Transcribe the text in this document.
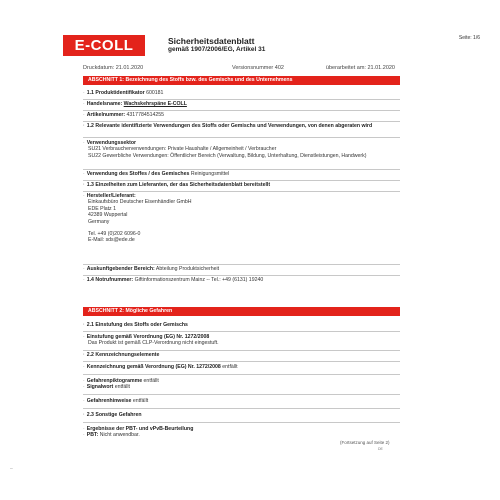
Seite: 1/6
E-COLL	Sicherheitsdatenblatt
gemäß 1907/2006/EG, Artikel 31
Druckdatum: 21.01.2020	Versionsnummer 402	überarbeitet am: 21.01.2020
ABSCHNITT 1: Bezeichnung des Stoffs bzw. des Gemischs und des Unternehmens
· 1.1 Produktidentifikator 600181
· Handelsname: Wachskehrspäne E-COLL
· Artikelnummer: 4317784514255
· 1.2 Relevante identifizierte Verwendungen des Stoffs oder Gemischs und Verwendungen, von denen abgeraten wird
· Verwendungssektor
SU21 Verbraucherverwendungen: Private Haushalte / Allgemeinheit / Verbraucher
SU22 Gewerbliche Verwendungen: Öffentlicher Bereich (Verwaltung, Bildung, Unterhaltung, Dienstleistungen, Handwerk)
· Verwendung des Stoffes / des Gemisches Reinigungsmittel
· 1.3 Einzelheiten zum Lieferanten, der das Sicherheitsdatenblatt bereitstellt
· Hersteller/Lieferant:
Einkaufsbüro Deutscher Eisenhändler GmbH
EDE Platz 1
42389 Wuppertal
Germany
Tel. +49 (0)202 6096-0
E-Mail: sds@ede.de
· Auskunftgebender Bereich: Abteilung Produktsicherheit
· 1.4 Notrufnummer: Giftinformationszentrum Mainz -- Tel.: +49 (6131) 19240
ABSCHNITT 2: Mögliche Gefahren
· 2.1 Einstufung des Stoffs oder Gemischs
· Einstufung gemäß Verordnung (EG) Nr. 1272/2008
Das Produkt ist gemäß CLP-Verordnung nicht eingestuft.
· 2.2 Kennzeichnungselemente
· Kennzeichnung gemäß Verordnung (EG) Nr. 1272/2008 entfällt
· Gefahrenpiktogramme entfällt
· Signalwort entfällt
· Gefahrenhinweise entfällt
· 2.3 Sonstige Gefahren
· Ergebnisse der PBT- und vPvB-Beurteilung
· PBT: Nicht anwendbar.
(Fortsetzung auf Seite 2)
DE
–
